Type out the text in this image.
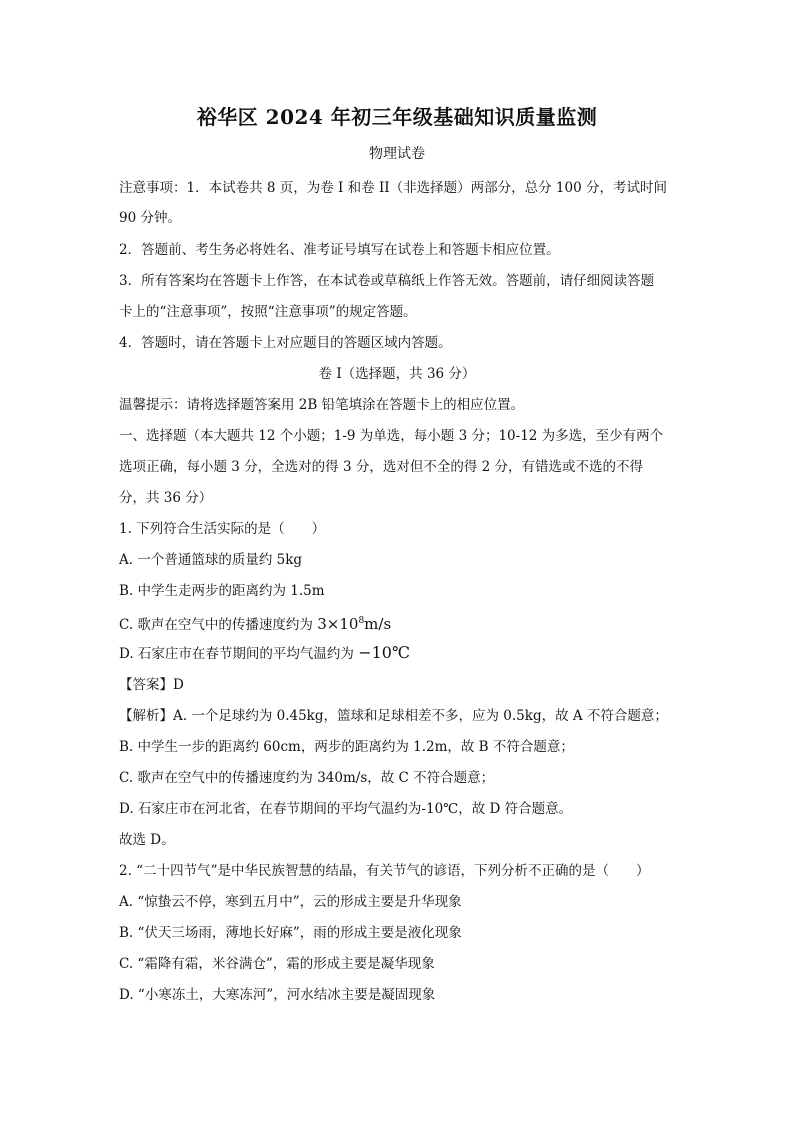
裕华区 2024 年初三年级基础知识质量监测
物理试卷
注意事项：1．本试卷共 8 页，为卷 I 和卷 II（非选择题）两部分，总分 100 分，考试时间
90 分钟。
2．答题前、考生务必将姓名、准考证号填写在试卷上和答题卡相应位置。
3．所有答案均在答题卡上作答，在本试卷或草稿纸上作答无效。答题前，请仔细阅读答题
卡上的“注意事项”，按照“注意事项”的规定答题。
4．答题时，请在答题卡上对应题目的答题区域内答题。
卷 I（选择题，共 36 分）
温馨提示：请将选择题答案用 2B 铅笔填涂在答题卡上的相应位置。
一、选择题（本大题共 12 个小题；1-9 为单选，每小题 3 分；10-12 为多选，至少有两个
选项正确，每小题 3 分，全选对的得 3 分，选对但不全的得 2 分，有错选或不选的不得
分，共 36 分）
1. 下列符合生活实际的是（　　）
A. 一个普通篮球的质量约 5kg
B. 中学生走两步的距离约为 1.5m
C. 歌声在空气中的传播速度约为 $3\times 10^8m/s$
D. 石家庄市在春节期间的平均气温约为 −10℃
【答案】D
【解析】A. 一个足球约为 0.45kg，篮球和足球相差不多，应为 0.5kg，故 A 不符合题意；
B. 中学生一步的距离约 60cm，两步的距离约为 1.2m，故 B 不符合题意；
C. 歌声在空气中的传播速度约为 340m/s，故 C 不符合题意；
D. 石家庄市在河北省，在春节期间的平均气温约为-10℃，故 D 符合题意。
故选 D。
2. “二十四节气”是中华民族智慧的结晶，有关节气的谚语，下列分析不正确的是（　　）
A. “惊蛰云不停，寒到五月中”，云的形成主要是升华现象
B. “伏天三场雨，薄地长好麻”，雨的形成主要是液化现象
C. “霜降有霜，米谷满仓”，霜的形成主要是凝华现象
D. “小寒冻土，大寒冻河”，河水结冰主要是凝固现象
